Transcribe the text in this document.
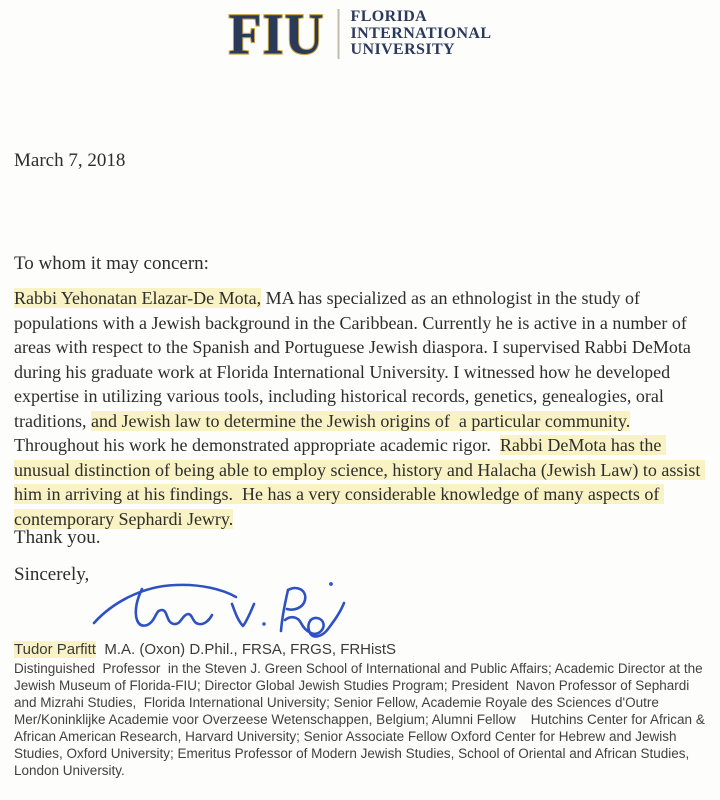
FIU FLORIDA
INTERNATIONAL
UNIVERSITY
March 7, 2018
To whom it may concern:

Rabbi Yehonatan Elazar-De Mota, MA has specialized as an ethnologist in the study of populations with a Jewish background in the Caribbean. Currently he is active in a number of areas with respect to the Spanish and Portuguese Jewish diaspora. I supervised Rabbi DeMota during his graduate work at Florida International University. I witnessed how he developed expertise in utilizing various tools, including historical records, genetics, genealogies, oral traditions, and Jewish law to determine the Jewish origins of  a particular community. Throughout his work he demonstrated appropriate academic rigor.  Rabbi DeMota has the unusual distinction of being able to employ science, history and Halacha (Jewish Law) to assist him in arriving at his findings.  He has a very considerable knowledge of many aspects of contemporary Sephardi Jewry.

Thank you.
Sincerely,
Tudor Parfitt  M.A. (Oxon) D.Phil., FRSA, FRGS, FRHistS
Distinguished  Professor  in the Steven J. Green School of International and Public Affairs; Academic Director at the Jewish Museum of Florida-FIU; Director Global Jewish Studies Program; President  Navon Professor of Sephardi and Mizrahi Studies,  Florida International University; Senior Fellow, Academie Royale des Sciences d'Outre Mer/Koninklijke Academie voor Overzeese Wetenschappen, Belgium; Alumni Fellow    Hutchins Center for African & African American Research, Harvard University; Senior Associate Fellow Oxford Center for Hebrew and Jewish Studies, Oxford University; Emeritus Professor of Modern Jewish Studies, School of Oriental and African Studies, London University.
